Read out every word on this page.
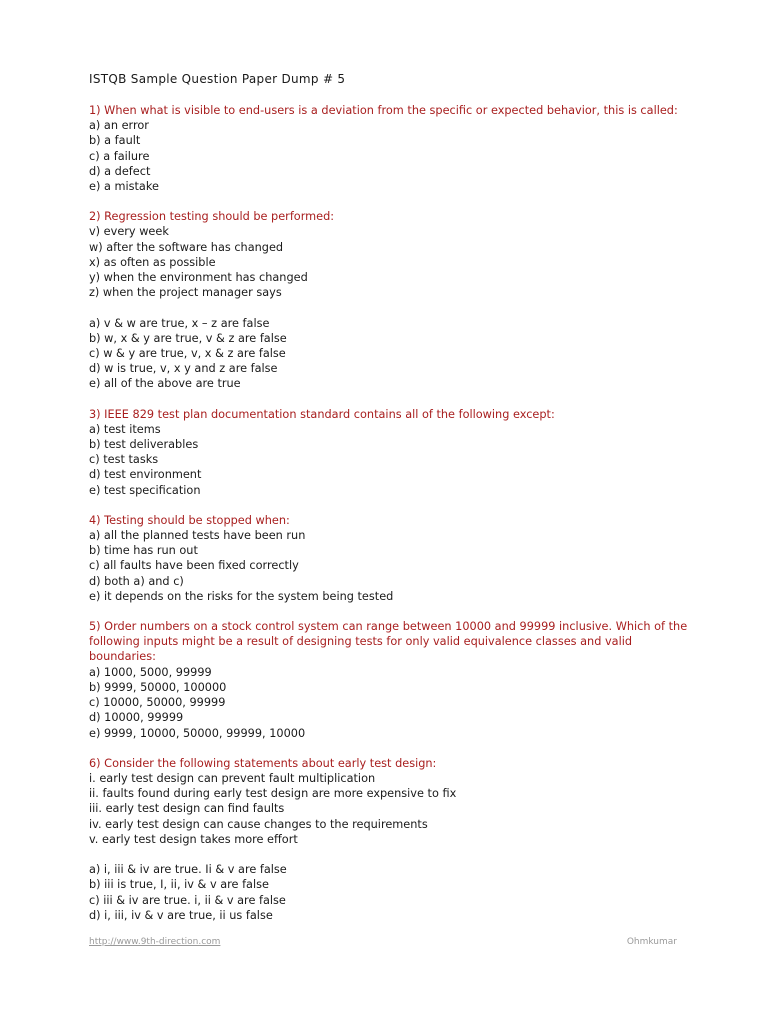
ISTQB Sample Question Paper Dump # 5

1) When what is visible to end-users is a deviation from the specific or expected behavior, this is called:

a) an error

b) a fault

c) a failure

d) a defect

e) a mistake

2) Regression testing should be performed:

v) every week

w) after the software has changed

x) as often as possible

y) when the environment has changed

z) when the project manager says

a) v & w are true, x – z are false

b) w, x & y are true, v & z are false

c) w & y are true, v, x & z are false

d) w is true, v, x y and z are false

e) all of the above are true

3) IEEE 829 test plan documentation standard contains all of the following except:

a) test items

b) test deliverables

c) test tasks

d) test environment

e) test specification

4) Testing should be stopped when:

a) all the planned tests have been run

b) time has run out

c) all faults have been fixed correctly

d) both a) and c)

e) it depends on the risks for the system being tested

5) Order numbers on a stock control system can range between 10000 and 99999 inclusive. Which of the following inputs might be a result of designing tests for only valid equivalence classes and valid boundaries:

a) 1000, 5000, 99999

b) 9999, 50000, 100000

c) 10000, 50000, 99999

d) 10000, 99999

e) 9999, 10000, 50000, 99999, 10000

6) Consider the following statements about early test design:

i. early test design can prevent fault multiplication

ii. faults found during early test design are more expensive to fix

iii. early test design can find faults

iv. early test design can cause changes to the requirements

v. early test design takes more effort

a) i, iii & iv are true. Ii & v are false

b) iii is true, I, ii, iv & v are false

c) iii & iv are true. i, ii & v are false

d) i, iii, iv & v are true, ii us false

http://www.9th-direction.com	Ohmkumar
